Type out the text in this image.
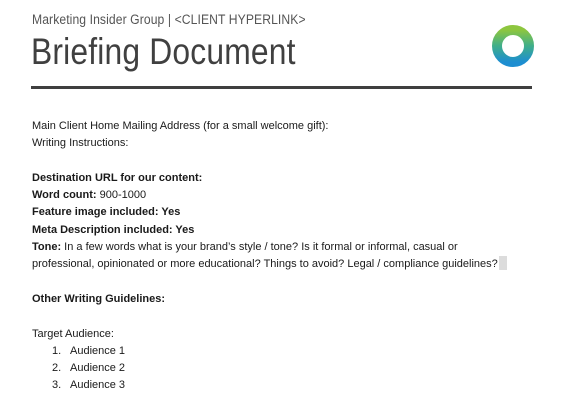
Marketing Insider Group | <CLIENT HYPERLINK>
Briefing Document
Main Client Home Mailing Address (for a small welcome gift):
Writing Instructions:
Destination URL for our content:
Word count: 900-1000
Feature image included: Yes
Meta Description included: Yes
Tone: In a few words what is your brand’s style / tone? Is it formal or informal, casual or
professional, opinionated or more educational? Things to avoid? Legal / compliance guidelines?
Other Writing Guidelines:
Target Audience:
1. Audience 1
2. Audience 2
3. Audience 3
